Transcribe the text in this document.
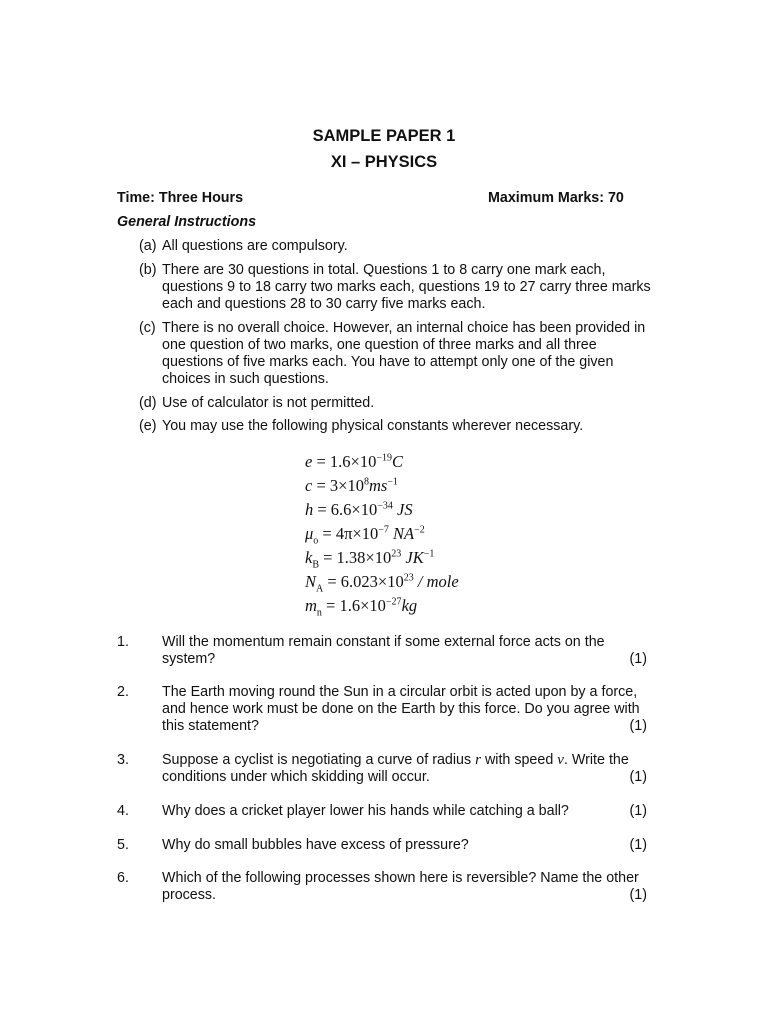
SAMPLE PAPER 1
XI – PHYSICS
Time: Three Hours	Maximum Marks: 70
General Instructions
(a) All questions are compulsory.
(b) There are 30 questions in total. Questions 1 to 8 carry one mark each, questions 9 to 18 carry two marks each, questions 19 to 27 carry three marks each and questions 28 to 30 carry five marks each.
(c) There is no overall choice. However, an internal choice has been provided in one question of two marks, one question of three marks and all three questions of five marks each. You have to attempt only one of the given choices in such questions.
(d) Use of calculator is not permitted.
(e) You may use the following physical constants wherever necessary.
$e = 1.6\times 10^{-19}C$
$c = 3\times 10^8ms^{-1}$
$h = 6.6\times 10^{-34}$ JS
$\mu_o = 4\pi\times 10^{-7}$ $NA^{-2}$
$k_B = 1.38\times 10^{23}$ $JK^{-1}$
$N_A = 6.023\times 10^{23}$ / mole
$m_n = 1.6\times 10^{-27}kg$
1. Will the momentum remain constant if some external force acts on the system?	(1)
2. The Earth moving round the Sun in a circular orbit is acted upon by a force, and hence work must be done on the Earth by this force. Do you agree with this statement?	(1)
3. Suppose a cyclist is negotiating a curve of radius r with speed v. Write the conditions under which skidding will occur.	(1)
4. Why does a cricket player lower his hands while catching a ball?	(1)
5. Why do small bubbles have excess of pressure?	(1)
6. Which of the following processes shown here is reversible? Name the other process.	(1)
